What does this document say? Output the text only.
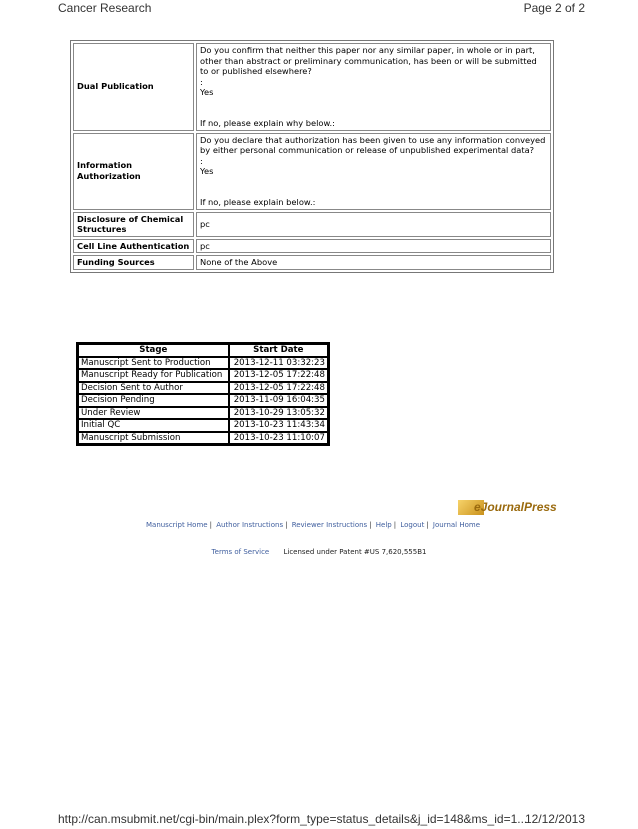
Cancer Research	Page 2 of 2
Dual Publication	Do you confirm that neither this paper nor any similar paper, in whole or in part, other than abstract or preliminary communication, has been or will be submitted to or published elsewhere?

:

Yes

If no, please explain why below.:

Information Authorization	Do you declare that authorization has been given to use any information conveyed by either personal communication or release of unpublished experimental data?

:

Yes

If no, please explain below.:

Disclosure of Chemical Structures	pc
Cell Line Authentication	pc
Funding Sources	None of the Above
Stage	Start Date
Manuscript Sent to Production	2013-12-11 03:32:23
Manuscript Ready for Publication	2013-12-05 17:22:48
Decision Sent to Author	2013-12-05 17:22:48
Decision Pending	2013-11-09 16:04:35
Under Review	2013-10-29 13:05:32
Initial QC	2013-10-23 11:43:34
Manuscript Submission	2013-10-23 11:10:07
eJournalPress
Manuscript Home | Author Instructions | Reviewer Instructions | Help | Logout | Journal Home
Terms of Service Licensed under Patent #US 7,620,555B1
http://can.msubmit.net/cgi-bin/main.plex?form_type=status_details&j_id=148&ms_id=1...
12/12/2013
